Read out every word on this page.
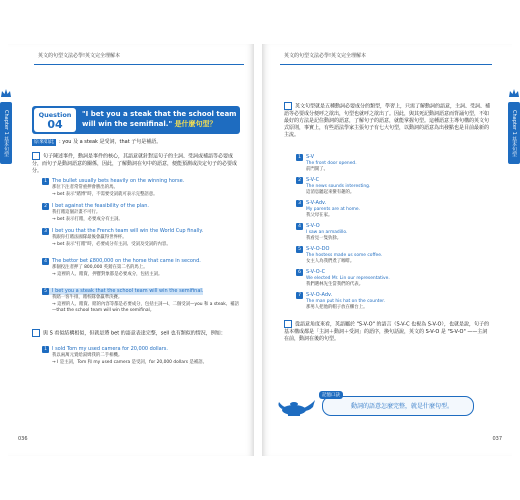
英文的句型文法必學!英文完全理解本
Chapter 1 基本句型	Question
04
"I bet you a steak that the school team will win the semifinal." 是什麼句型？
原來如此 : you 及 a steak 是受詞，that 子句是補語。
句子陳述事件，動詞是事件的核心，其語意就針對這句子的主詞、受詞或補語等必要成分，而句子是動詞語意的關係，因此，了解動詞在句中的語意，便能預測或決定句子的必要成分。
1 The bullet usually bets heavily on the winning horse.
那位下注者常常重押會勝出的馬。
→ bet 表示"賭博"時，不需要受詞就可表示完整語意。
2 I bet against the feasibility of the plan.
我打賭這個計畫不可行。
→ bet 表示打賭，必要成分有主詞。
3 I bet you that the French team will win the World Cup finally.
我跟你打賭法國隊最後會贏得世界杯。
→ bet 表示"打賭"時，必要成分有主詞、受詞及受詞的內容。
4 The bettor bet £800,000 on the horse that came in second.
那個投注者押了 800,000 英鎊在第二名的馬上。
→ 這裡的人、賭資，押寶對象都是必要成分，包括主詞。
5 I bet you a steak that the school team will win the semifinal.
我賭一客牛排，賭校隊會贏準決賽。
→ 這裡的人、賭資、賭的內容等都是必要成分，包括主詞—I、二個受詞—you 和 a steak、補語—that the school team will win the semifinal。
與 S 看似結構相似，但就是將 bet 的語意表達完整，sell 也有類似的情況，例如：
1 I sold Tom my used camera for 20,000 dollars.
我以兩萬元賣給湯姆我的二手相機。
→ I 是主詞，Tom 和 my used camera 是受詞，for 20,000 dollars 是補語。
036
英文的句型文法必學!英文完全理解本
Chapter 1 基本句型
英文句型就是五種動詞必要成分的類型，學習上，只需了解動詞的語意，主詞、受詞、補語等必要成分便呼之欲出，句型也就呼之欲出了。因此，與其死記動詞語意而背誦句型，不如最好的方法是記住動詞的語意，了解句子的語意，就能掌握句型。這種語意主導句構的英文句式原則，事實上，有些語法學家主張句子有七大句型，以動詞的語意為出發點也是目前最新的主流。
1 S-V
The front door opened.
前門開了。
2 S-V-C
The news sounds interesting.
這消息聽起來蠻有趣的。
3 S-V-Adv.
My parents are at home.
我父母在家。
4 S-V-O
I saw an armadillo.
我看見一隻犰狳。
5 S-V-O-DO
The hostess made us some coffee.
女主人為我們煮了咖啡。
6 S-V-O-C
We elected Mr. Lin our representative.
我們選林先生當我們的代表。
7 S-V-O-Adv.
The man put his hat on the counter.
那男人把他的帽子放在櫃台上。
從語意角度來看，英語屬於 "S-V-O" 的語言（S-V-C 也視為 S-V-O），也就是說，句子的基本構成都是「主詞＋動詞＋受詞」的語序，換句話說，英文的 S-V-O 是 "S-V-O" ——主詞在前，動詞在後的句型。
記憶口訣
動詞的語意怎麼完整，就是什麼句型。
037
